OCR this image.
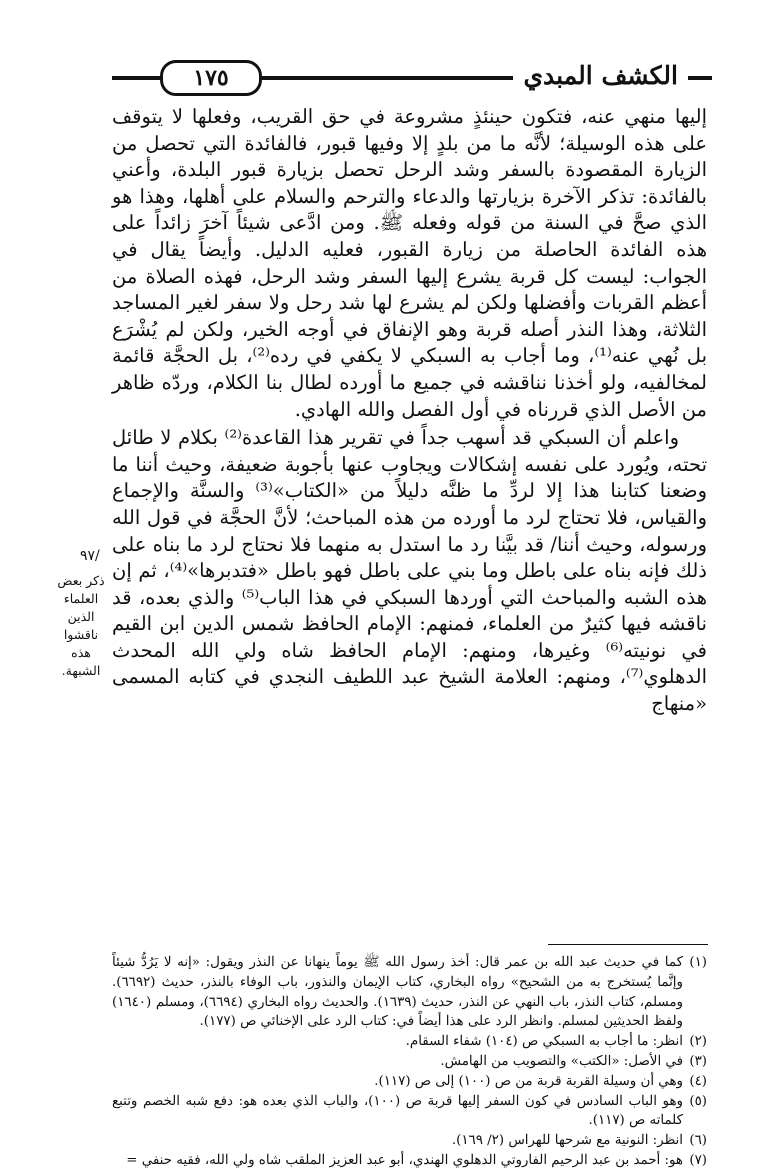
١٧٥	الكشف المبدي

إليها منهي عنه، فتكون حينئذٍ مشروعة في حق القريب، وفعلها لا يتوقف على هذه الوسيلة؛ لأنَّه ما من بلدٍ إلا وفيها قبور، فالفائدة التي تحصل من الزيارة المقصودة بالسفر وشد الرحل تحصل بزيارة قبور البلدة، وأعني بالفائدة: تذكر الآخرة بزيارتها والدعاء والترحم والسلام على أهلها، وهذا هو الذي صحَّ في السنة من قوله وفعله ﷺ. ومن ادَّعى شيئاً آخرَ زائداً على هذه الفائدة الحاصلة من زيارة القبور، فعليه الدليل. وأيضاً يقال في الجواب: ليست كل قربة يشرع إليها السفر وشد الرحل، فهذه الصلاة من أعظم القربات وأفضلها ولكن لم يشرع لها شد رحل ولا سفر لغير المساجد الثلاثة، وهذا النذر أصله قربة وهو الإنفاق في أوجه الخير، ولكن لم يُشْرَع بل نُهي عنه⁽¹⁾، وما أجاب به السبكي لا يكفي في رده⁽²⁾، بل الحجَّة قائمة لمخالفيه، ولو أخذنا نناقشه في جميع ما أورده لطال بنا الكلام، وردّه ظاهر من الأصل الذي قررناه في أول الفصل والله الهادي.

واعلم أن السبكي قد أسهب جداً في تقرير هذا القاعدة⁽²⁾ بكلام لا طائل تحته، ويُورد على نفسه إشكالات ويجاوب عنها بأجوبة ضعيفة، وحيث أننا ما وضعنا كتابنا هذا إلا لردِّ ما ظنَّه دليلاً من «الكتاب»⁽³⁾ والسنَّة والإجماع والقياس، فلا تحتاج لرد ما أورده من هذه المباحث؛ لأنَّ الحجَّة في قول الله ورسوله، وحيث أننا/ قد بيَّنا رد ما استدل به منهما فلا نحتاج لرد ما بناه على ذلك فإنه بناه على باطل وما بني على باطل فهو باطل «فتدبرها»⁽⁴⁾، ثم إن هذه الشبه والمباحث التي أوردها السبكي في هذا الباب⁽⁵⁾ والذي بعده، قد ناقشه فيها كثيرٌ من العلماء، فمنهم: الإمام الحافظ شمس الدين ابن القيم في نونيته⁽⁶⁾ وغيرها، ومنهم: الإمام الحافظ شاه ولي الله المحدث الدهلوي⁽⁷⁾، ومنهم: العلامة الشيخ عبد اللطيف النجدي في كتابه المسمى «منهاج

٩٧/
ذكر بعض العلماء الذين ناقشوا هذه الشبهة.
(١)
كما في حديث عبد الله بن عمر قال: أخذ رسول الله ﷺ يوماً ينهانا عن النذر ويقول: «إنه لا يَرُدُّ شيئاً وإنَّما يُستخرج به من الشحيح» رواه البخاري، كتاب الإيمان والنذور، باب الوفاء بالنذر، حديث (٦٦٩٢). ومسلم، كتاب النذر، باب النهي عن النذر، حديث (١٦٣٩). والحديث رواه البخاري (٦٦٩٤)، ومسلم (١٦٤٠) ولفظ الحديثين لمسلم. وانظر الرد على هذا أيضاً في: كتاب الرد على الإخنائي ص (١٧٧).
(٢)
انظر: ما أجاب به السبكي ص (١٠٤) شفاء السقام.
(٣)
في الأصل: «الكتب» والتصويب من الهامش.
(٤)
وهي أن وسيلة القربة قربة من ص (١٠٠) إلى ص (١١٧).
(٥)
وهو الباب السادس في كون السفر إليها قربة ص (١٠٠)، والباب الذي بعده هو: دفع شبه الخصم وتتبع كلماته ص (١١٧).
(٦)
انظر: النونية مع شرحها للهراس (٢/ ١٦٩).
(٧)
هو: أحمد بن عبد الرحيم الفاروتي الدهلوي الهندي، أبو عبد العزيز الملقب شاه ولي الله، فقيه حنفي =
